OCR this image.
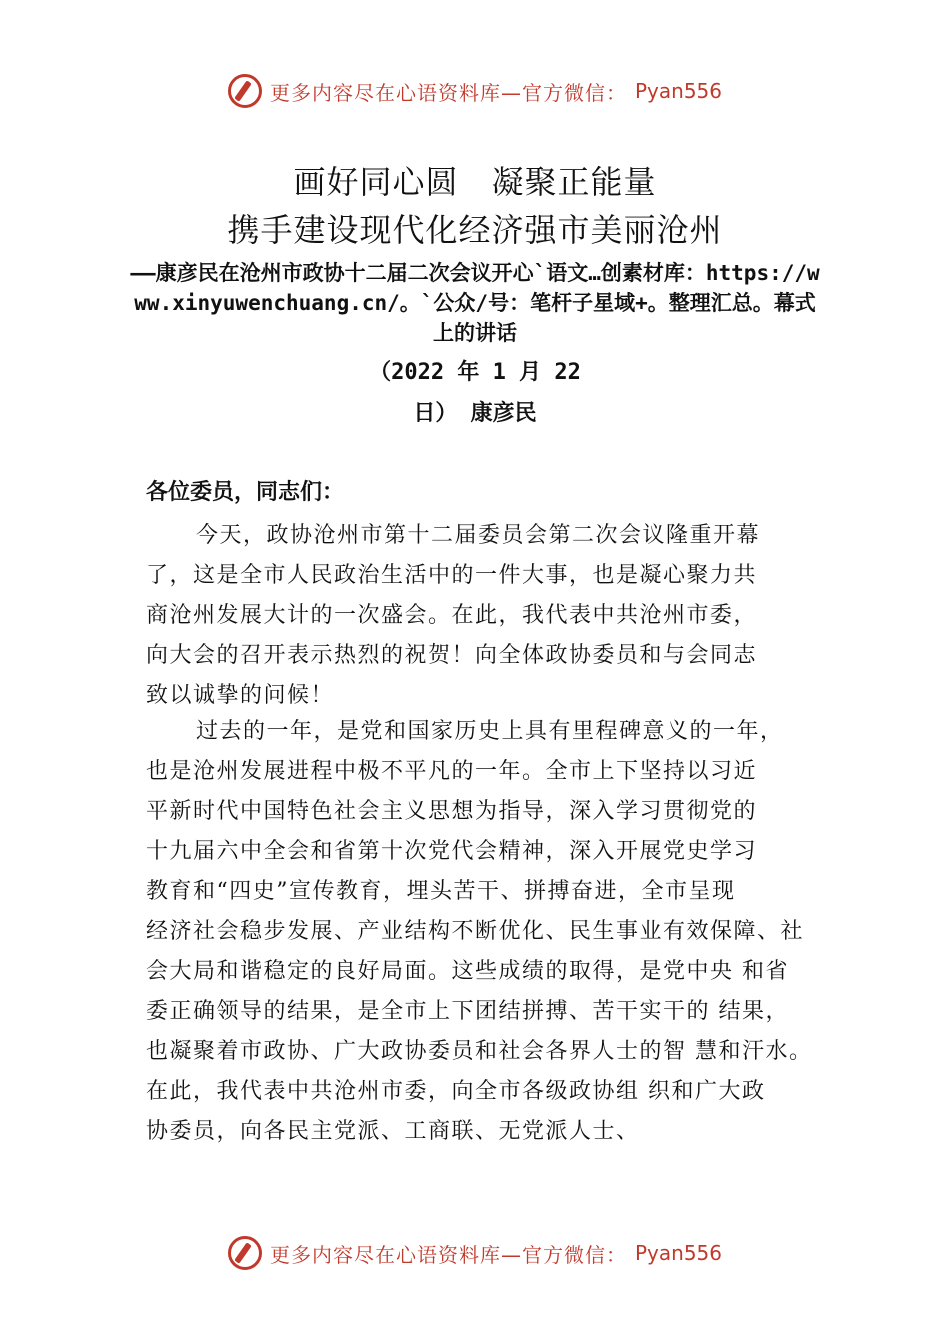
更多内容尽在心语资料库—官方微信： Pyan556
画好同心圆　凝聚正能量
携手建设现代化经济强市美丽沧州
——康彦民在沧州市政协十二届二次会议开心`语文…创素材库：https://www.xinyuwenchuang.cn/。`公众/号：笔杆子星域+。整理汇总。幕式上的讲话
（2022 年 1 月 22
日） 康彦民
各位委员，同志们：
今天，政协沧州市第十二届委员会第二次会议隆重开幕
了，这是全市人民政治生活中的一件大事，也是凝心聚力共
商沧州发展大计的一次盛会。在此，我代表中共沧州市委，
向大会的召开表示热烈的祝贺！向全体政协委员和与会同志
致以诚挚的问候！
过去的一年，是党和国家历史上具有里程碑意义的一年，
也是沧州发展进程中极不平凡的一年。全市上下坚持以习近
平新时代中国特色社会主义思想为指导，深入学习贯彻党的
十九届六中全会和省第十次党代会精神，深入开展党史学习
教育和“四史”宣传教育，埋头苦干、拼搏奋进，全市呈现
经济社会稳步发展、产业结构不断优化、民生事业有效保障、社
会大局和谐稳定的良好局面。这些成绩的取得，是党中央 和省
委正确领导的结果，是全市上下团结拼搏、苦干实干的 结果，
也凝聚着市政协、广大政协委员和社会各界人士的智 慧和汗水。
在此，我代表中共沧州市委，向全市各级政协组 织和广大政
协委员，向各民主党派、工商联、无党派人士、
更多内容尽在心语资料库—官方微信： Pyan556
